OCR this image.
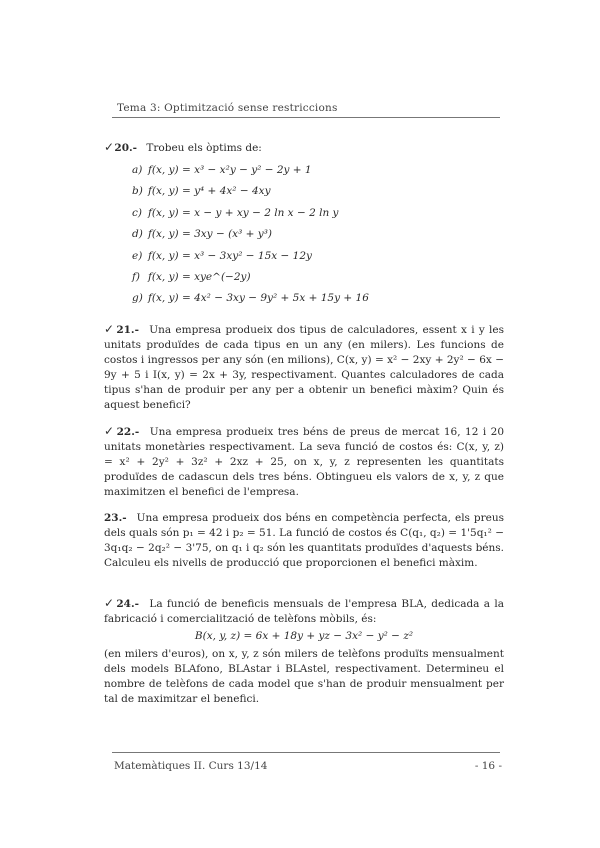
Tema 3: Optimització sense restriccions
✓ 20.- Trobeu els òptims de:
a) f(x, y) = x³ − x²y − y² − 2y + 1
b) f(x, y) = y⁴ + 4x² − 4xy
c) f(x, y) = x − y + xy − 2 ln x − 2 ln y
d) f(x, y) = 3xy − (x³ + y³)
e) f(x, y) = x³ − 3xy² − 15x − 12y
f) f(x, y) = xye^(−2y)
g) f(x, y) = 4x² − 3xy − 9y² + 5x + 15y + 16
✓ 21.- Una empresa produeix dos tipus de calculadores, essent x i y les unitats produïdes de cada tipus en un any (en milers). Les funcions de costos i ingressos per any són (en milions), C(x, y) = x² − 2xy + 2y² − 6x − 9y + 5 i I(x, y) = 2x + 3y, respectivament. Quantes calculadores de cada tipus s'han de produir per any per a obtenir un benefici màxim? Quin és aquest benefici?
✓ 22.- Una empresa produeix tres béns de preus de mercat 16, 12 i 20 unitats monetàries respectivament. La seva funció de costos és: C(x, y, z) = x² + 2y² + 3z² + 2xz + 25, on x, y, z representen les quantitats produïdes de cadascun dels tres béns. Obtingueu els valors de x, y, z que maximitzen el benefici de l'empresa.
23.- Una empresa produeix dos béns en competència perfecta, els preus dels quals són p₁ = 42 i p₂ = 51. La funció de costos és C(q₁, q₂) = 1'5q₁² − 3q₁q₂ − 2q₂² − 3'75, on q₁ i q₂ són les quantitats produïdes d'aquests béns. Calculeu els nivells de producció que proporcionen el benefici màxim.
✓ 24.- La funció de beneficis mensuals de l'empresa BLA, dedicada a la fabricació i comercialització de telèfons mòbils, és:
B(x, y, z) = 6x + 18y + yz − 3x² − y² − z²
(en milers d'euros), on x, y, z són milers de telèfons produïts mensualment dels models BLAfono, BLAstar i BLAstel, respectivament. Determineu el nombre de telèfons de cada model que s'han de produir mensualment per tal de maximitzar el benefici.
Matemàtiques II. Curs 13/14	- 16 -
